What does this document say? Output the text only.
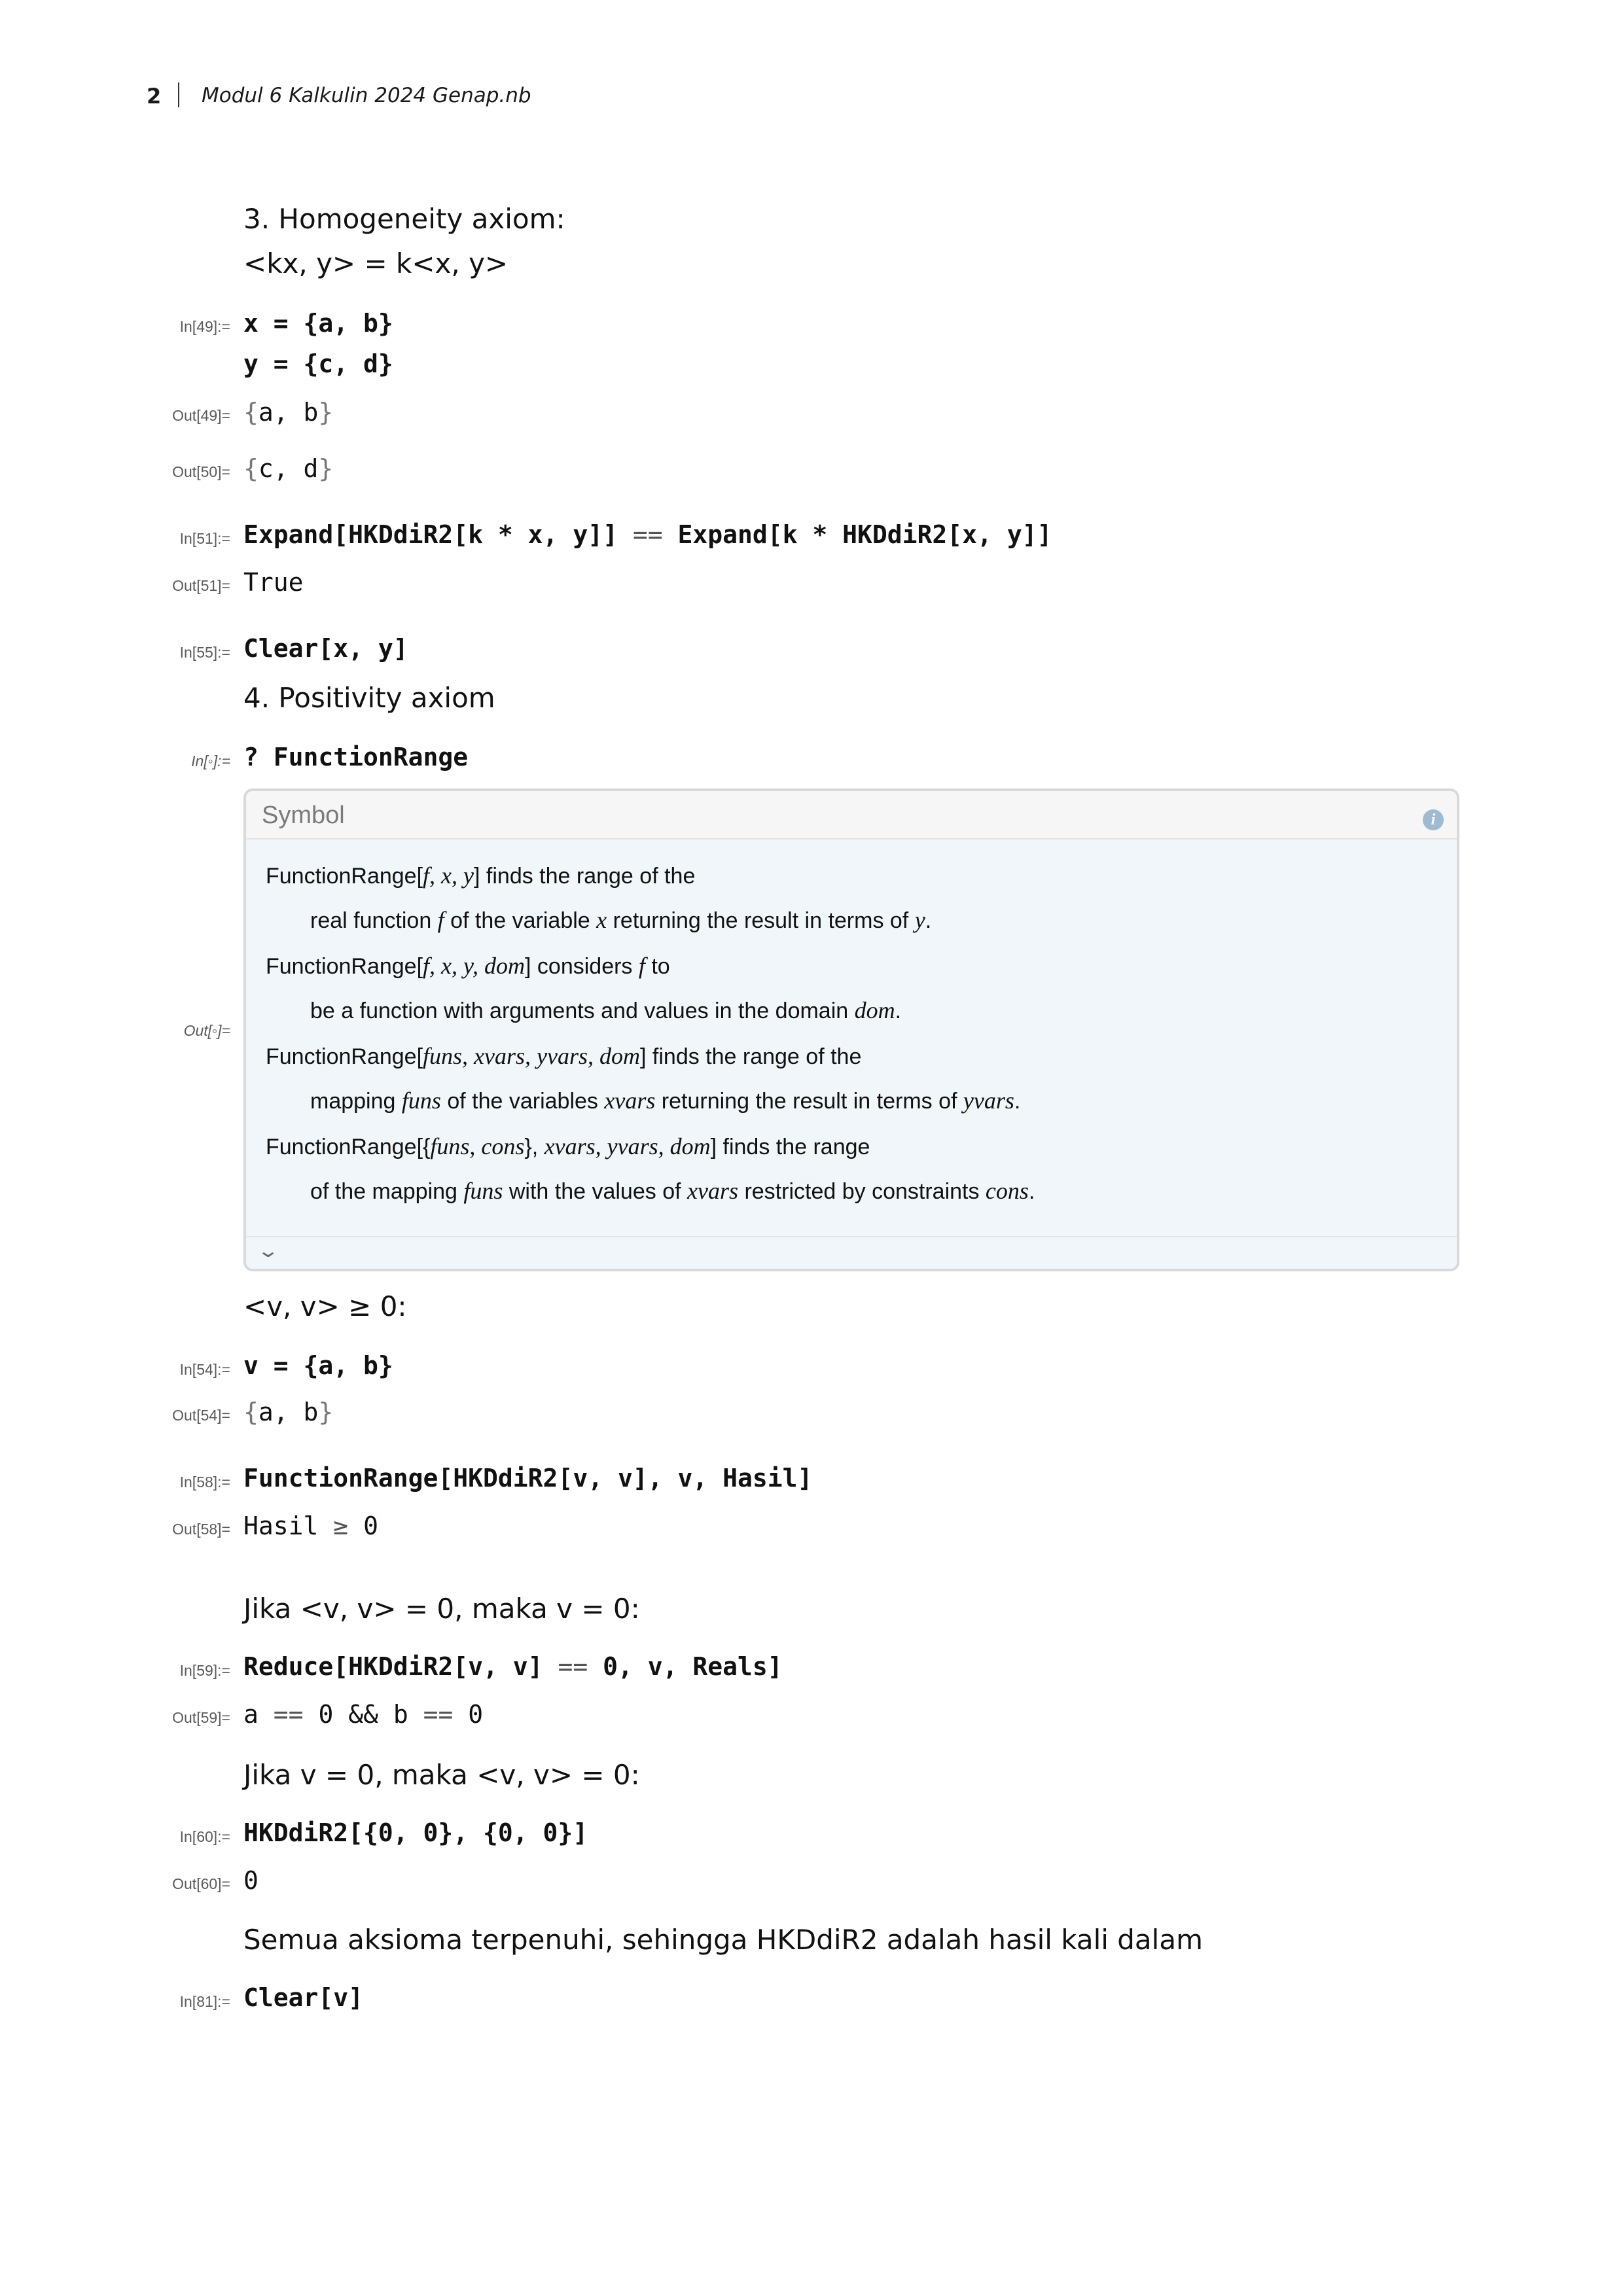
2 Modul 6 Kalkulin 2024 Genap.nb
3. Homogeneity axiom:
<kx, y> = k<x, y>
In[49]:= x = {a, b}
y = {c, d}
Out[49]= {a, b}
Out[50]= {c, d}
In[51]:= Expand[HKDdiR2[k * x, y]] == Expand[k * HKDdiR2[x, y]]
Out[51]= True
In[55]:= Clear[x, y]
4. Positivity axiom
In[◦]:= ? FunctionRange
Out[◦]=
Symbol	i
FunctionRange[f, x, y] finds the range of the
real function f of the variable x returning the result in terms of y.
FunctionRange[f, x, y, dom] considers f to
be a function with arguments and values in the domain dom.
FunctionRange[funs, xvars, yvars, dom] finds the range of the
mapping funs of the variables xvars returning the result in terms of yvars.
FunctionRange[{funs, cons}, xvars, yvars, dom] finds the range
of the mapping funs with the values of xvars restricted by constraints cons.
⌄
<v, v> ≥ 0:
In[54]:= v = {a, b}
Out[54]= {a, b}
In[58]:= FunctionRange[HKDdiR2[v, v], v, Hasil]
Out[58]= Hasil ≥ 0
Jika <v, v> = 0, maka v = 0:
In[59]:= Reduce[HKDdiR2[v, v] == 0, v, Reals]
Out[59]= a == 0 && b == 0
Jika v = 0, maka <v, v> = 0:
In[60]:= HKDdiR2[{0, 0}, {0, 0}]
Out[60]= 0
Semua aksioma terpenuhi, sehingga HKDdiR2 adalah hasil kali dalam
In[81]:= Clear[v]
